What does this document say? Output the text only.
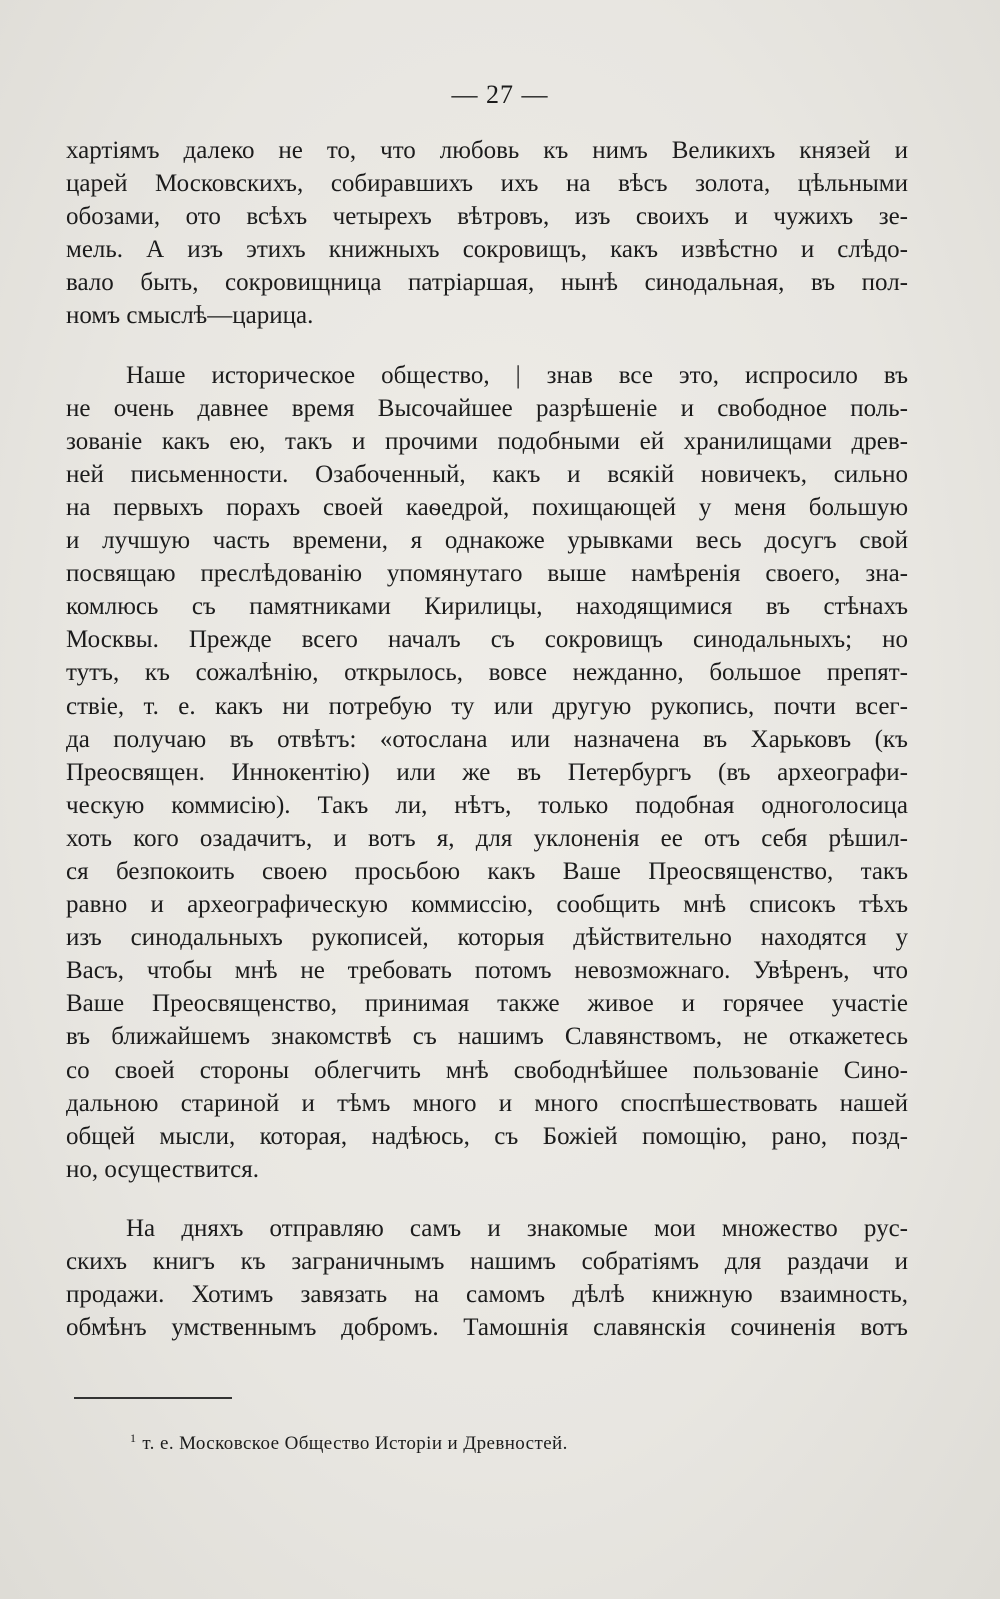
— 27 —
хартіямъ далеко не то, что любовь къ нимъ Великихъ князей и
царей Московскихъ, собиравшихъ ихъ на вѣсъ золота, цѣльными
обозами, ото всѣхъ четырехъ вѣтровъ, изъ своихъ и чужихъ зе-
мель. А изъ этихъ книжныхъ сокровищъ, какъ извѣстно и слѣдо-
вало быть, сокровищница патріаршая, нынѣ синодальная, въ пол-
номъ смыслѣ—царица.
Наше историческое общество, | знав все это, испросило въ
не очень давнее время Высочайшее разрѣшеніе и свободное поль-
зованіе какъ ею, такъ и прочими подобными ей хранилищами древ-
ней письменности. Озабоченный, какъ и всякій новичекъ, сильно
на первыхъ порахъ своей каѳедрой, похищающей у меня большую
и лучшую часть времени, я однакоже урывками весь досугъ свой
посвящаю преслѣдованію упомянутаго выше намѣренія своего, зна-
комлюсь съ памятниками Кирилицы, находящимися въ стѣнахъ
Москвы. Прежде всего началъ съ сокровищъ синодальныхъ; но
тутъ, къ сожалѣнію, открылось, вовсе нежданно, большое препят-
ствіе, т. е. какъ ни потребую ту или другую рукопись, почти всег-
да получаю въ отвѣтъ: «отослана или назначена въ Харьковъ (къ
Преосвящен. Иннокентію) или же въ Петербургъ (въ археографи-
ческую коммисію). Такъ ли, нѣтъ, только подобная одноголосица
хоть кого озадачитъ, и вотъ я, для уклоненія ее отъ себя рѣшил-
ся безпокоить своею просьбою какъ Ваше Преосвященство, такъ
равно и археографическую коммиссію, сообщить мнѣ списокъ тѣхъ
изъ синодальныхъ рукописей, которыя дѣйствительно находятся у
Васъ, чтобы мнѣ не требовать потомъ невозможнаго. Увѣренъ, что
Ваше Преосвященство, принимая также живое и горячее участіе
въ ближайшемъ знакомствѣ съ нашимъ Славянствомъ, не откажетесь
со своей стороны облегчить мнѣ свободнѣйшее пользованіе Сино-
дальною стариной и тѣмъ много и много споспѣшествовать нашей
общей мысли, которая, надѣюсь, съ Божіей помощію, рано, позд-
но, осуществится.
На дняхъ отправляю самъ и знакомые мои множество рус-
скихъ книгъ къ заграничнымъ нашимъ собратіямъ для раздачи и
продажи. Хотимъ завязать на самомъ дѣлѣ книжную взаимность,
обмѣнъ умственнымъ добромъ. Тамошнія славянскія сочиненія вотъ
$^1$ т. е. Московское Общество Исторіи и Древностей.
